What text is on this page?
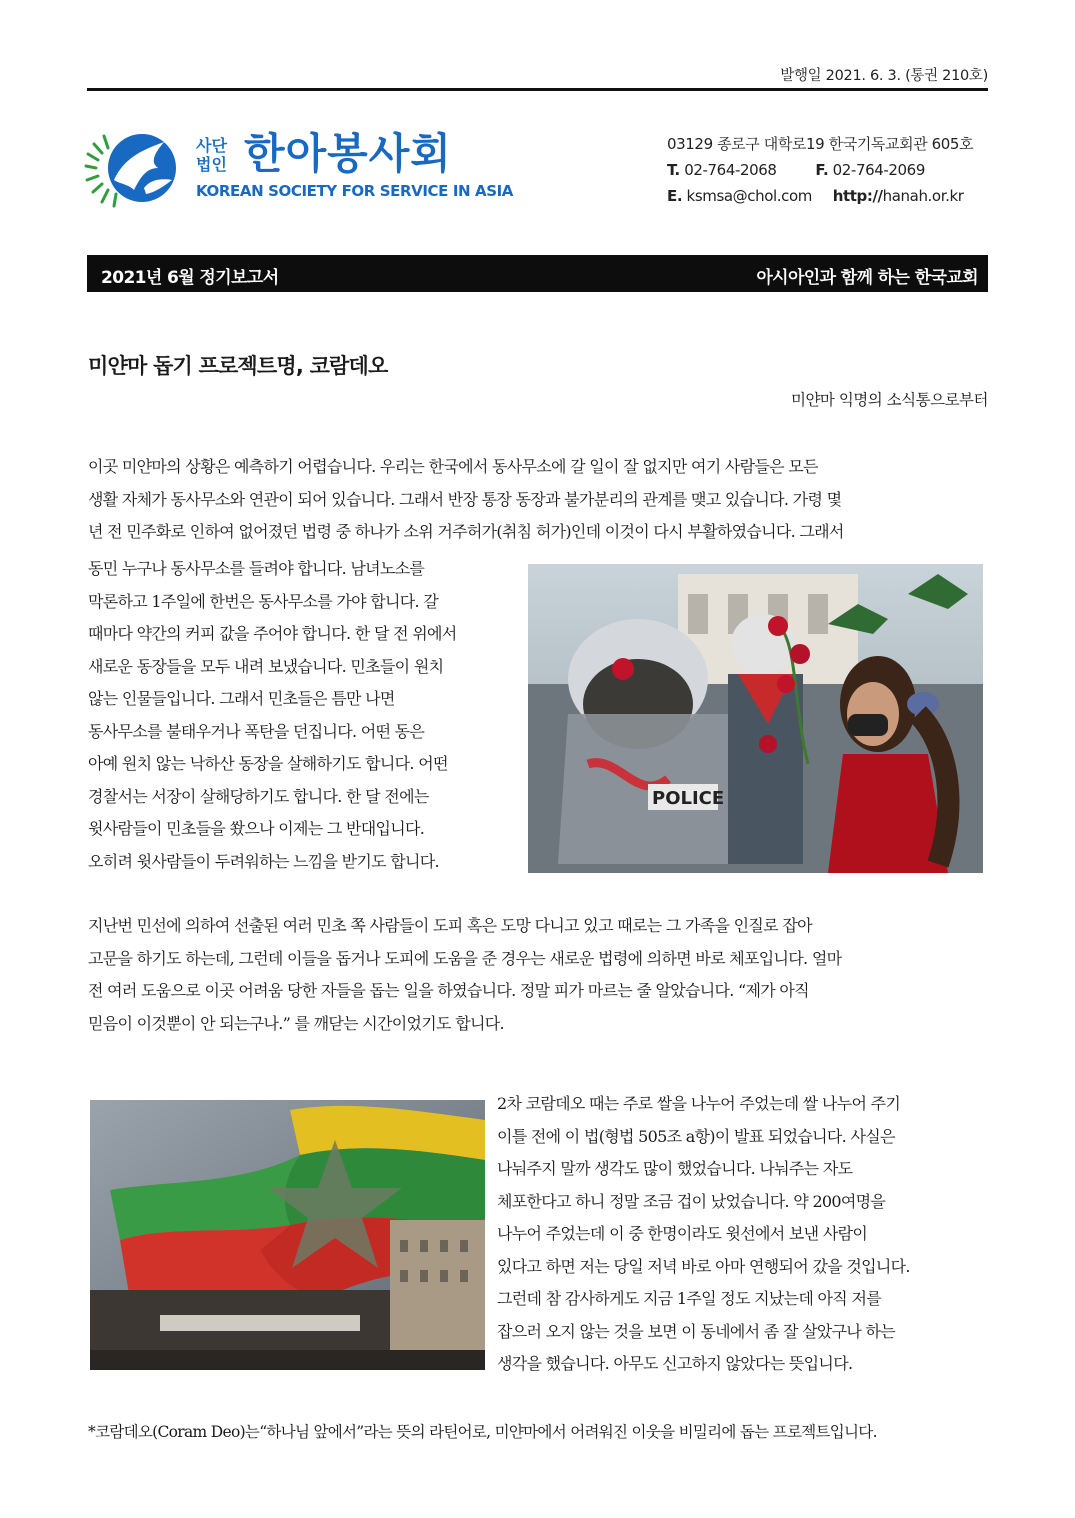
발행일 2021. 6. 3. (통권 210호)
사단
법인 한아봉사회
KOREAN SOCIETY FOR SERVICE IN ASIA
03129 종로구 대학로19 한국기독교회관 605호
T. 02-764-2068	F. 02-764-2069
E. ksmsa@chol.com http://hanah.or.kr
2021년 6월 정기보고서	아시아인과 함께 하는 한국교회
미얀마 돕기 프로젝트명, 코람데오
미얀마 익명의 소식통으로부터
이곳 미얀마의 상황은 예측하기 어렵습니다. 우리는 한국에서 동사무소에 갈 일이 잘 없지만 여기 사람들은 모든
생활 자체가 동사무소와 연관이 되어 있습니다. 그래서 반장 통장 동장과 불가분리의 관계를 맺고 있습니다. 가령 몇
년 전 민주화로 인하여 없어졌던 법령 중 하나가 소위 거주허가(취침 허가)인데 이것이 다시 부활하였습니다. 그래서
동민 누구나 동사무소를 들려야 합니다. 남녀노소를
막론하고 1주일에 한번은 동사무소를 가야 합니다. 갈
때마다 약간의 커피 값을 주어야 합니다. 한 달 전 위에서
새로운 동장들을 모두 내려 보냈습니다. 민초들이 원치
않는 인물들입니다. 그래서 민초들은 틈만 나면
동사무소를 불태우거나 폭탄을 던집니다. 어떤 동은
아예 원치 않는 낙하산 동장을 살해하기도 합니다. 어떤
경찰서는 서장이 살해당하기도 합니다. 한 달 전에는
윗사람들이 민초들을 쐈으나 이제는 그 반대입니다.
오히려 윗사람들이 두려워하는 느낌을 받기도 합니다.
POLICE
지난번 민선에 의하여 선출된 여러 민초 쪽 사람들이 도피 혹은 도망 다니고 있고 때로는 그 가족을 인질로 잡아
고문을 하기도 하는데, 그런데 이들을 돕거나 도피에 도움을 준 경우는 새로운 법령에 의하면 바로 체포입니다. 얼마
전 여러 도움으로 이곳 어려움 당한 자들을 돕는 일을 하였습니다. 정말 피가 마르는 줄 알았습니다. “제가 아직
믿음이 이것뿐이 안 되는구나.” 를 깨닫는 시간이었기도 합니다.
2차 코람데오 때는 주로 쌀을 나누어 주었는데 쌀 나누어 주기
이틀 전에 이 법(형법 505조 a항)이 발표 되었습니다. 사실은
나눠주지 말까 생각도 많이 했었습니다. 나눠주는 자도
체포한다고 하니 정말 조금 겁이 났었습니다. 약 200여명을
나누어 주었는데 이 중 한명이라도 윗선에서 보낸 사람이
있다고 하면 저는 당일 저녁 바로 아마 연행되어 갔을 것입니다.
그런데 참 감사하게도 지금 1주일 정도 지났는데 아직 저를
잡으러 오지 않는 것을 보면 이 동네에서 좀 잘 살았구나 하는
생각을 했습니다. 아무도 신고하지 않았다는 뜻입니다.
*코람데오(Coram Deo)는“하나님 앞에서”라는 뜻의 라틴어로, 미얀마에서 어려워진 이웃을 비밀리에 돕는 프로젝트입니다.
